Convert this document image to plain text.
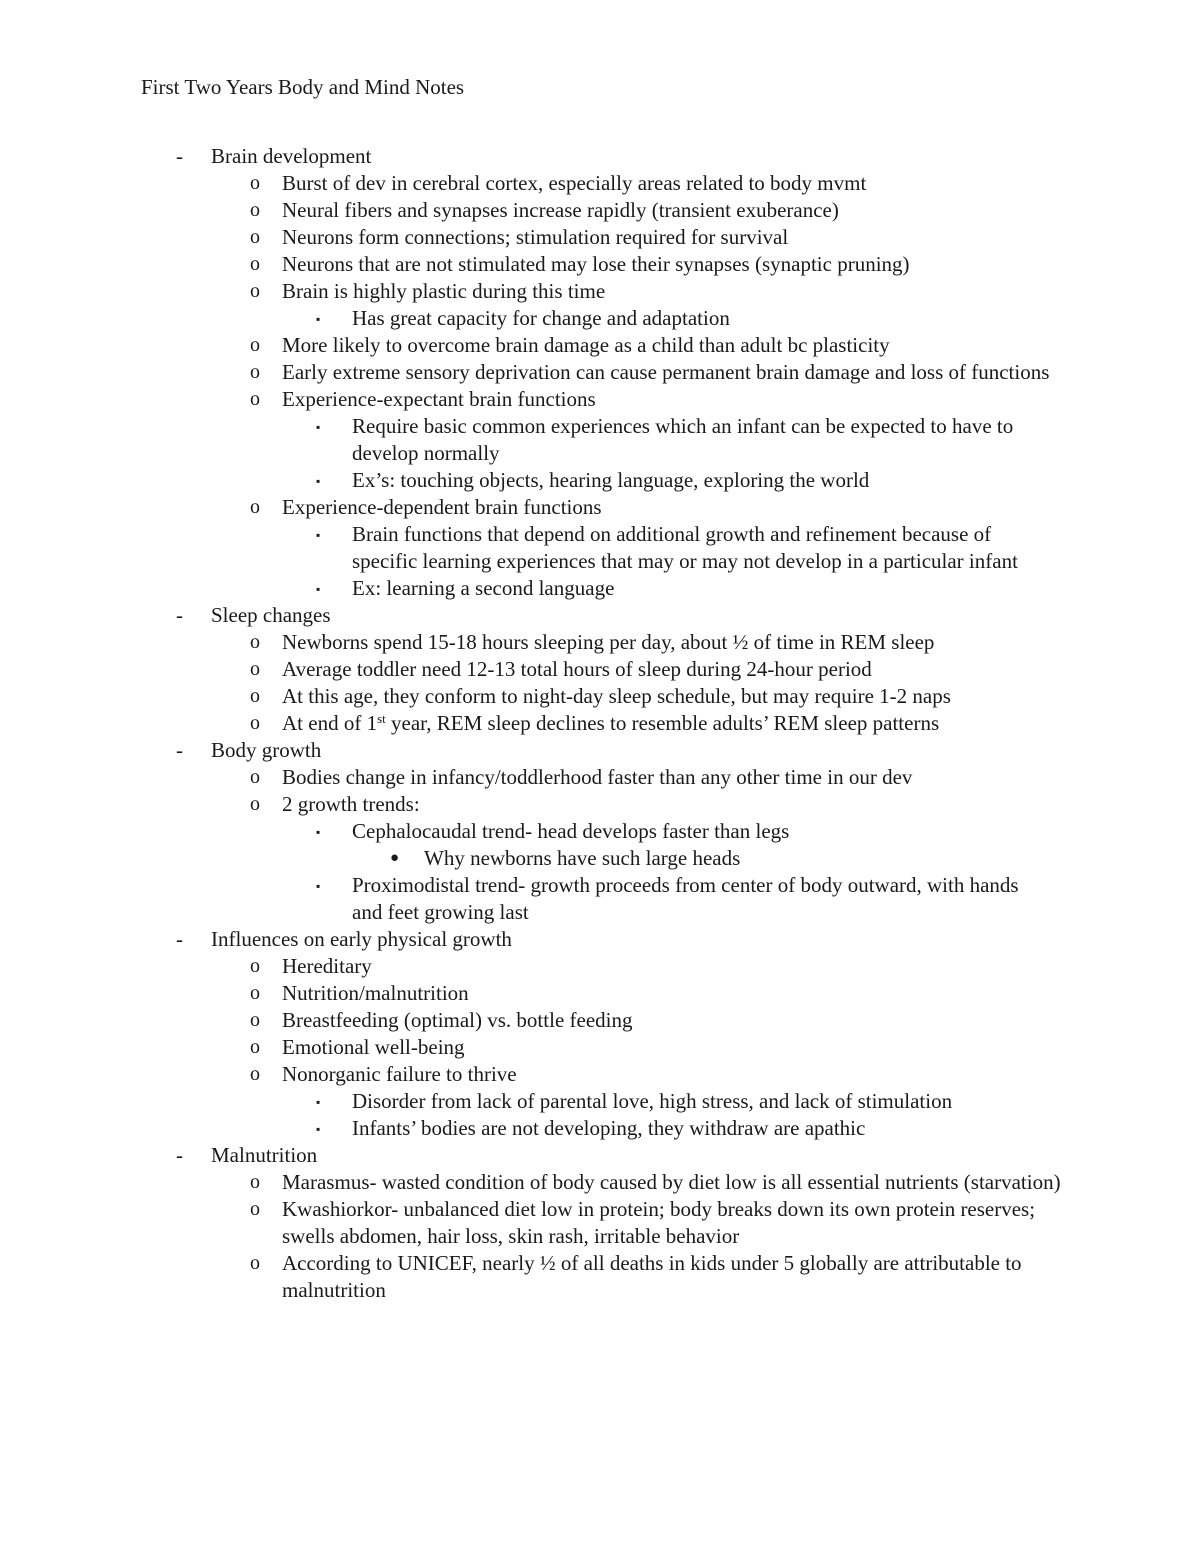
First Two Years Body and Mind Notes
- Brain development
o Burst of dev in cerebral cortex, especially areas related to body mvmt
o Neural fibers and synapses increase rapidly (transient exuberance)
o Neurons form connections; stimulation required for survival
o Neurons that are not stimulated may lose their synapses (synaptic pruning)
o Brain is highly plastic during this time
▪ Has great capacity for change and adaptation
o More likely to overcome brain damage as a child than adult bc plasticity
o Early extreme sensory deprivation can cause permanent brain damage and loss of functions
o Experience-expectant brain functions
▪ Require basic common experiences which an infant can be expected to have to develop normally
▪ Ex’s: touching objects, hearing language, exploring the world
o Experience-dependent brain functions
▪ Brain functions that depend on additional growth and refinement because of specific learning experiences that may or may not develop in a particular infant
▪ Ex: learning a second language
- Sleep changes
o Newborns spend 15-18 hours sleeping per day, about ½ of time in REM sleep
o Average toddler need 12-13 total hours of sleep during 24-hour period
o At this age, they conform to night-day sleep schedule, but may require 1-2 naps
o At end of 1st year, REM sleep declines to resemble adults’ REM sleep patterns
- Body growth
o Bodies change in infancy/toddlerhood faster than any other time in our dev
o 2 growth trends:
▪ Cephalocaudal trend- head develops faster than legs
● Why newborns have such large heads
▪ Proximodistal trend- growth proceeds from center of body outward, with hands and feet growing last
- Influences on early physical growth
o Hereditary
o Nutrition/malnutrition
o Breastfeeding (optimal) vs. bottle feeding
o Emotional well-being
o Nonorganic failure to thrive
▪ Disorder from lack of parental love, high stress, and lack of stimulation
▪ Infants’ bodies are not developing, they withdraw are apathic
- Malnutrition
o Marasmus- wasted condition of body caused by diet low is all essential nutrients (starvation)
o Kwashiorkor- unbalanced diet low in protein; body breaks down its own protein reserves; swells abdomen, hair loss, skin rash, irritable behavior
o According to UNICEF, nearly ½ of all deaths in kids under 5 globally are attributable to malnutrition
